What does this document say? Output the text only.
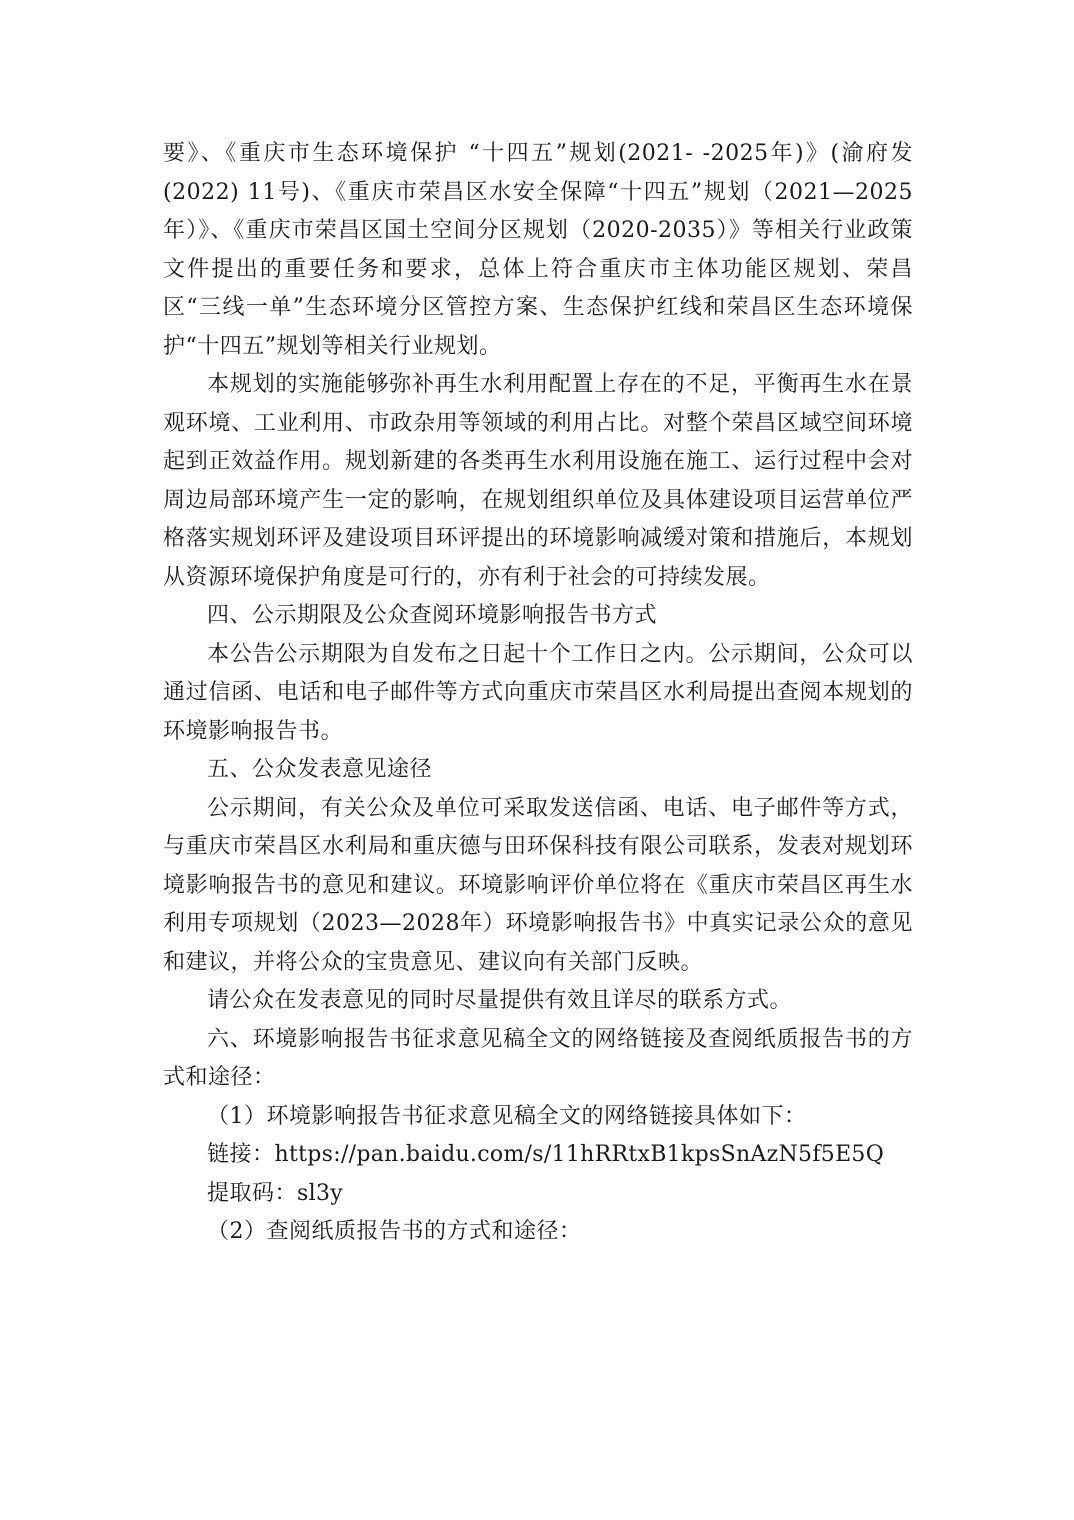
要》、《重庆市生态环境保护 “十四五”规划(2021- -2025年)》(渝府发(2022) 11号)、《重庆市荣昌区水安全保障“十四五”规划（2021—2025年）》、《重庆市荣昌区国土空间分区规划（2020-2035）》等相关行业政策文件提出的重要任务和要求，总体上符合重庆市主体功能区规划、荣昌区“三线一单”生态环境分区管控方案、生态保护红线和荣昌区生态环境保护“十四五”规划等相关行业规划。

本规划的实施能够弥补再生水利用配置上存在的不足，平衡再生水在景观环境、工业利用、市政杂用等领域的利用占比。对整个荣昌区域空间环境起到正效益作用。规划新建的各类再生水利用设施在施工、运行过程中会对周边局部环境产生一定的影响，在规划组织单位及具体建设项目运营单位严格落实规划环评及建设项目环评提出的环境影响减缓对策和措施后，本规划从资源环境保护角度是可行的，亦有利于社会的可持续发展。

四、公示期限及公众查阅环境影响报告书方式

本公告公示期限为自发布之日起十个工作日之内。公示期间，公众可以通过信函、电话和电子邮件等方式向重庆市荣昌区水利局提出查阅本规划的环境影响报告书。

五、公众发表意见途径

公示期间，有关公众及单位可采取发送信函、电话、电子邮件等方式，与重庆市荣昌区水利局和重庆德与田环保科技有限公司联系，发表对规划环境影响报告书的意见和建议。环境影响评价单位将在《重庆市荣昌区再生水利用专项规划（2023—2028年）环境影响报告书》中真实记录公众的意见和建议，并将公众的宝贵意见、建议向有关部门反映。

请公众在发表意见的同时尽量提供有效且详尽的联系方式。

六、环境影响报告书征求意见稿全文的网络链接及查阅纸质报告书的方式和途径：

（1）环境影响报告书征求意见稿全文的网络链接具体如下：

链接：https://pan.baidu.com/s/11hRRtxB1kpsSnAzN5f5E5Q

提取码：sl3y

（2）查阅纸质报告书的方式和途径：
